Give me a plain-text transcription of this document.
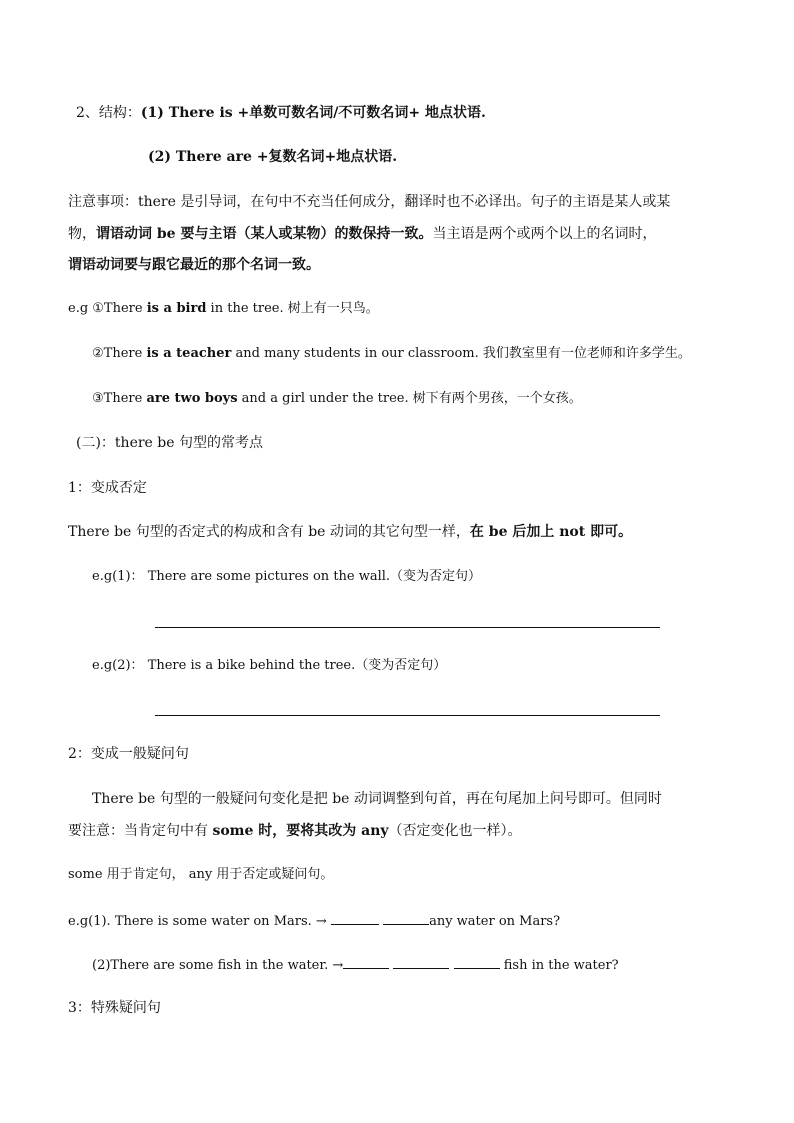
2、结构：(1) There is +单数可数名词/不可数名词+ 地点状语.
(2) There are +复数名词+地点状语.
注意事项：there 是引导词，在句中不充当任何成分，翻译时也不必译出。句子的主语是某人或某
物，谓语动词 be 要与主语（某人或某物）的数保持一致。当主语是两个或两个以上的名词时，
谓语动词要与跟它最近的那个名词一致。
e.g ①There is a bird in the tree. 树上有一只鸟。
②There is a teacher and many students in our classroom. 我们教室里有一位老师和许多学生。
③There are two boys and a girl under the tree. 树下有两个男孩，一个女孩。
(二)：there be 句型的常考点
1：变成否定
There be 句型的否定式的构成和含有 be 动词的其它句型一样，在 be 后加上 not 即可。
e.g(1)： There are some pictures on the wall.（变为否定句）
e.g(2)： There is a bike behind the tree.（变为否定句）
2：变成一般疑问句
There be 句型的一般疑问句变化是把 be 动词调整到句首，再在句尾加上问号即可。但同时
要注意：当肯定句中有 some 时，要将其改为 any（否定变化也一样）。
some 用于肯定句， any 用于否定或疑问句。
e.g(1). There is some water on Mars. →	any water on Mars?
(2)There are some fish in the water. →	fish in the water?
3：特殊疑问句
